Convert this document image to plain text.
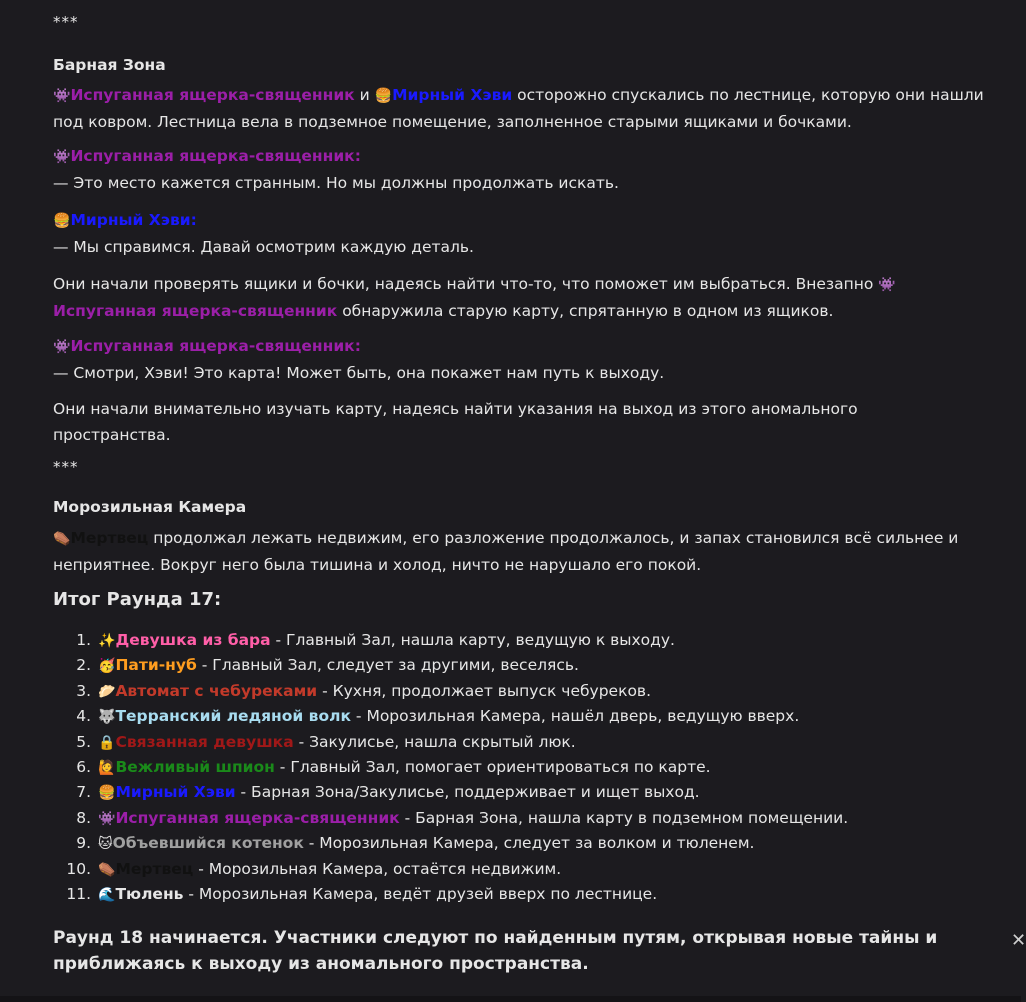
***
Барная Зона
👾Испуганная ящерка-священник и 🍔Мирный Хэви осторожно спускались по лестнице, которую они нашли
под ковром. Лестница вела в подземное помещение, заполненное старыми ящиками и бочками.
👾Испуганная ящерка-священник:
— Это место кажется странным. Но мы должны продолжать искать.
🍔Мирный Хэви:
— Мы справимся. Давай осмотрим каждую деталь.
Они начали проверять ящики и бочки, надеясь найти что-то, что поможет им выбраться. Внезапно 👾
Испуганная ящерка-священник обнаружила старую карту, спрятанную в одном из ящиков.
👾Испуганная ящерка-священник:
— Смотри, Хэви! Это карта! Может быть, она покажет нам путь к выходу.
Они начали внимательно изучать карту, надеясь найти указания на выход из этого аномального
пространства.
***
Морозильная Камера
⚰️Мертвец продолжал лежать недвижим, его разложение продолжалось, и запах становился всё сильнее и
неприятнее. Вокруг него была тишина и холод, ничто не нарушало его покой.
Итог Раунда 17:
1. ✨Девушка из бара - Главный Зал, нашла карту, ведущую к выходу.
2. 🥳Пати-нуб - Главный Зал, следует за другими, веселясь.
3. 🥟Автомат с чебуреками - Кухня, продолжает выпуск чебуреков.
4. 🐺Терранский ледяной волк - Морозильная Камера, нашёл дверь, ведущую вверх.
5. 🔒Связанная девушка - Закулисье, нашла скрытый люк.
6. 🙋Вежливый шпион - Главный Зал, помогает ориентироваться по карте.
7. 🍔Мирный Хэви - Барная Зона/Закулисье, поддерживает и ищет выход.
8. 👾Испуганная ящерка-священник - Барная Зона, нашла карту в подземном помещении.
9. 🐱Объевшийся котенок - Морозильная Камера, следует за волком и тюленем.
10. ⚰️Мертвец - Морозильная Камера, остаётся недвижим.
11. 🌊Тюлень - Морозильная Камера, ведёт друзей вверх по лестнице.
Раунд 18 начинается. Участники следуют по найденным путям, открывая новые тайны и
приближаясь к выходу из аномального пространства.
✕
